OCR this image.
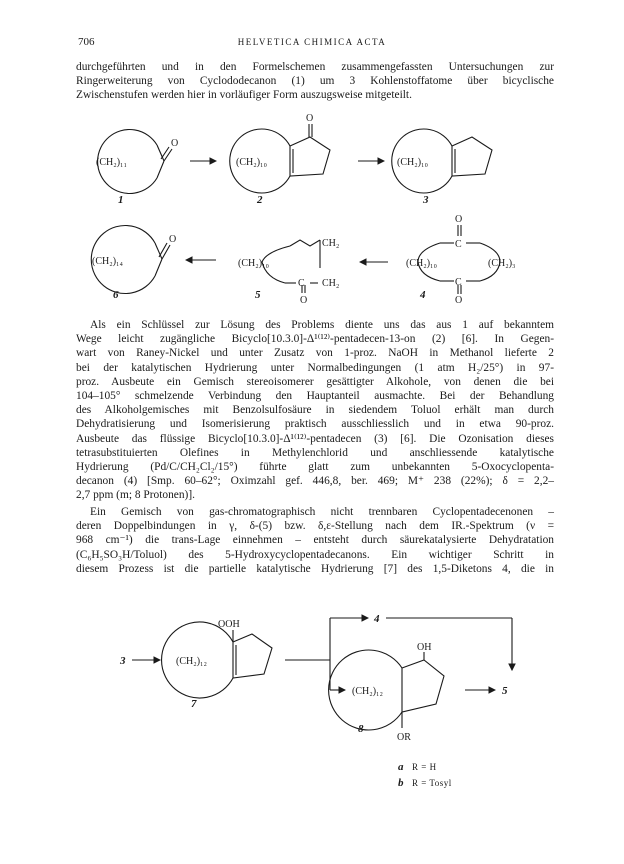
706	HELVETICA CHIMICA ACTA
durchgeführten und in den Formelschemen zusammengefassten Untersuchungen zur
Ringerweiterung von Cyclododecanon (1) um 3 Kohlenstoffatome über bicyclische
Zwischenstufen werden hier in vorläufiger Form auszugsweise mitgeteilt.
O
(CH₂)₁₁
1
O
(CH₂)₁₀
2
(CH₂)₁₀
3
O
(CH₂)₁₄
6
CH₂
C CH₂
O
(CH₂)₁₀
5
O
C
C
O
(CH₂)₁₀	(CH₂)₃
4
Als ein Schlüssel zur Lösung des Problems diente uns das aus 1 auf bekanntem
Wege leicht zugängliche Bicyclo[10.3.0]-Δ¹⁽¹²⁾-pentadecen-13-on (2) [6]. In Gegen-
wart von Raney-Nickel und unter Zusatz von 1-proz. NaOH in Methanol lieferte 2
bei der katalytischen Hydrierung unter Normalbedingungen (1 atm H₂/25°) in 97-
proz. Ausbeute ein Gemisch stereoisomerer gesättigter Alkohole, von denen die bei
104–105° schmelzende Verbindung den Hauptanteil ausmachte. Bei der Behandlung
des Alkoholgemisches mit Benzolsulfosäure in siedendem Toluol erhält man durch
Dehydratisierung und Isomerisierung praktisch ausschliesslich und in etwa 90-proz.
Ausbeute das flüssige Bicyclo[10.3.0]-Δ¹⁽¹²⁾-pentadecen (3) [6]. Die Ozonisation dieses
tetrasubstituierten Olefines in Methylenchlorid und anschliessende katalytische
Hydrierung (Pd/C/CH₂Cl₂/15°) führte glatt zum unbekannten 5-Oxocyclopenta-
decanon (4) [Smp. 60–62°; Oximzahl gef. 446,8, ber. 469; M⁺ 238 (22%); δ = 2,2–
2,7 ppm (m; 8 Protonen)].
Ein Gemisch von gas-chromatographisch nicht trennbaren Cyclopentadecenonen –
deren Doppelbindungen in γ, δ-(5) bzw. δ,ε-Stellung nach dem IR.-Spektrum (ν =
968 cm⁻¹) die trans-Lage einnehmen – entsteht durch säurekatalysierte Dehydratation
(C₆H₅SO₃H/Toluol) des 5-Hydroxycyclopentadecanons. Ein wichtiger Schritt in
diesem Prozess ist die partielle katalytische Hydrierung [7] des 1,5-Diketons 4, die in
3
OOH
(CH₂)₁₂
7
4
OH
OR
(CH₂)₁₂
8
5
a R = H
b R = Tosyl
